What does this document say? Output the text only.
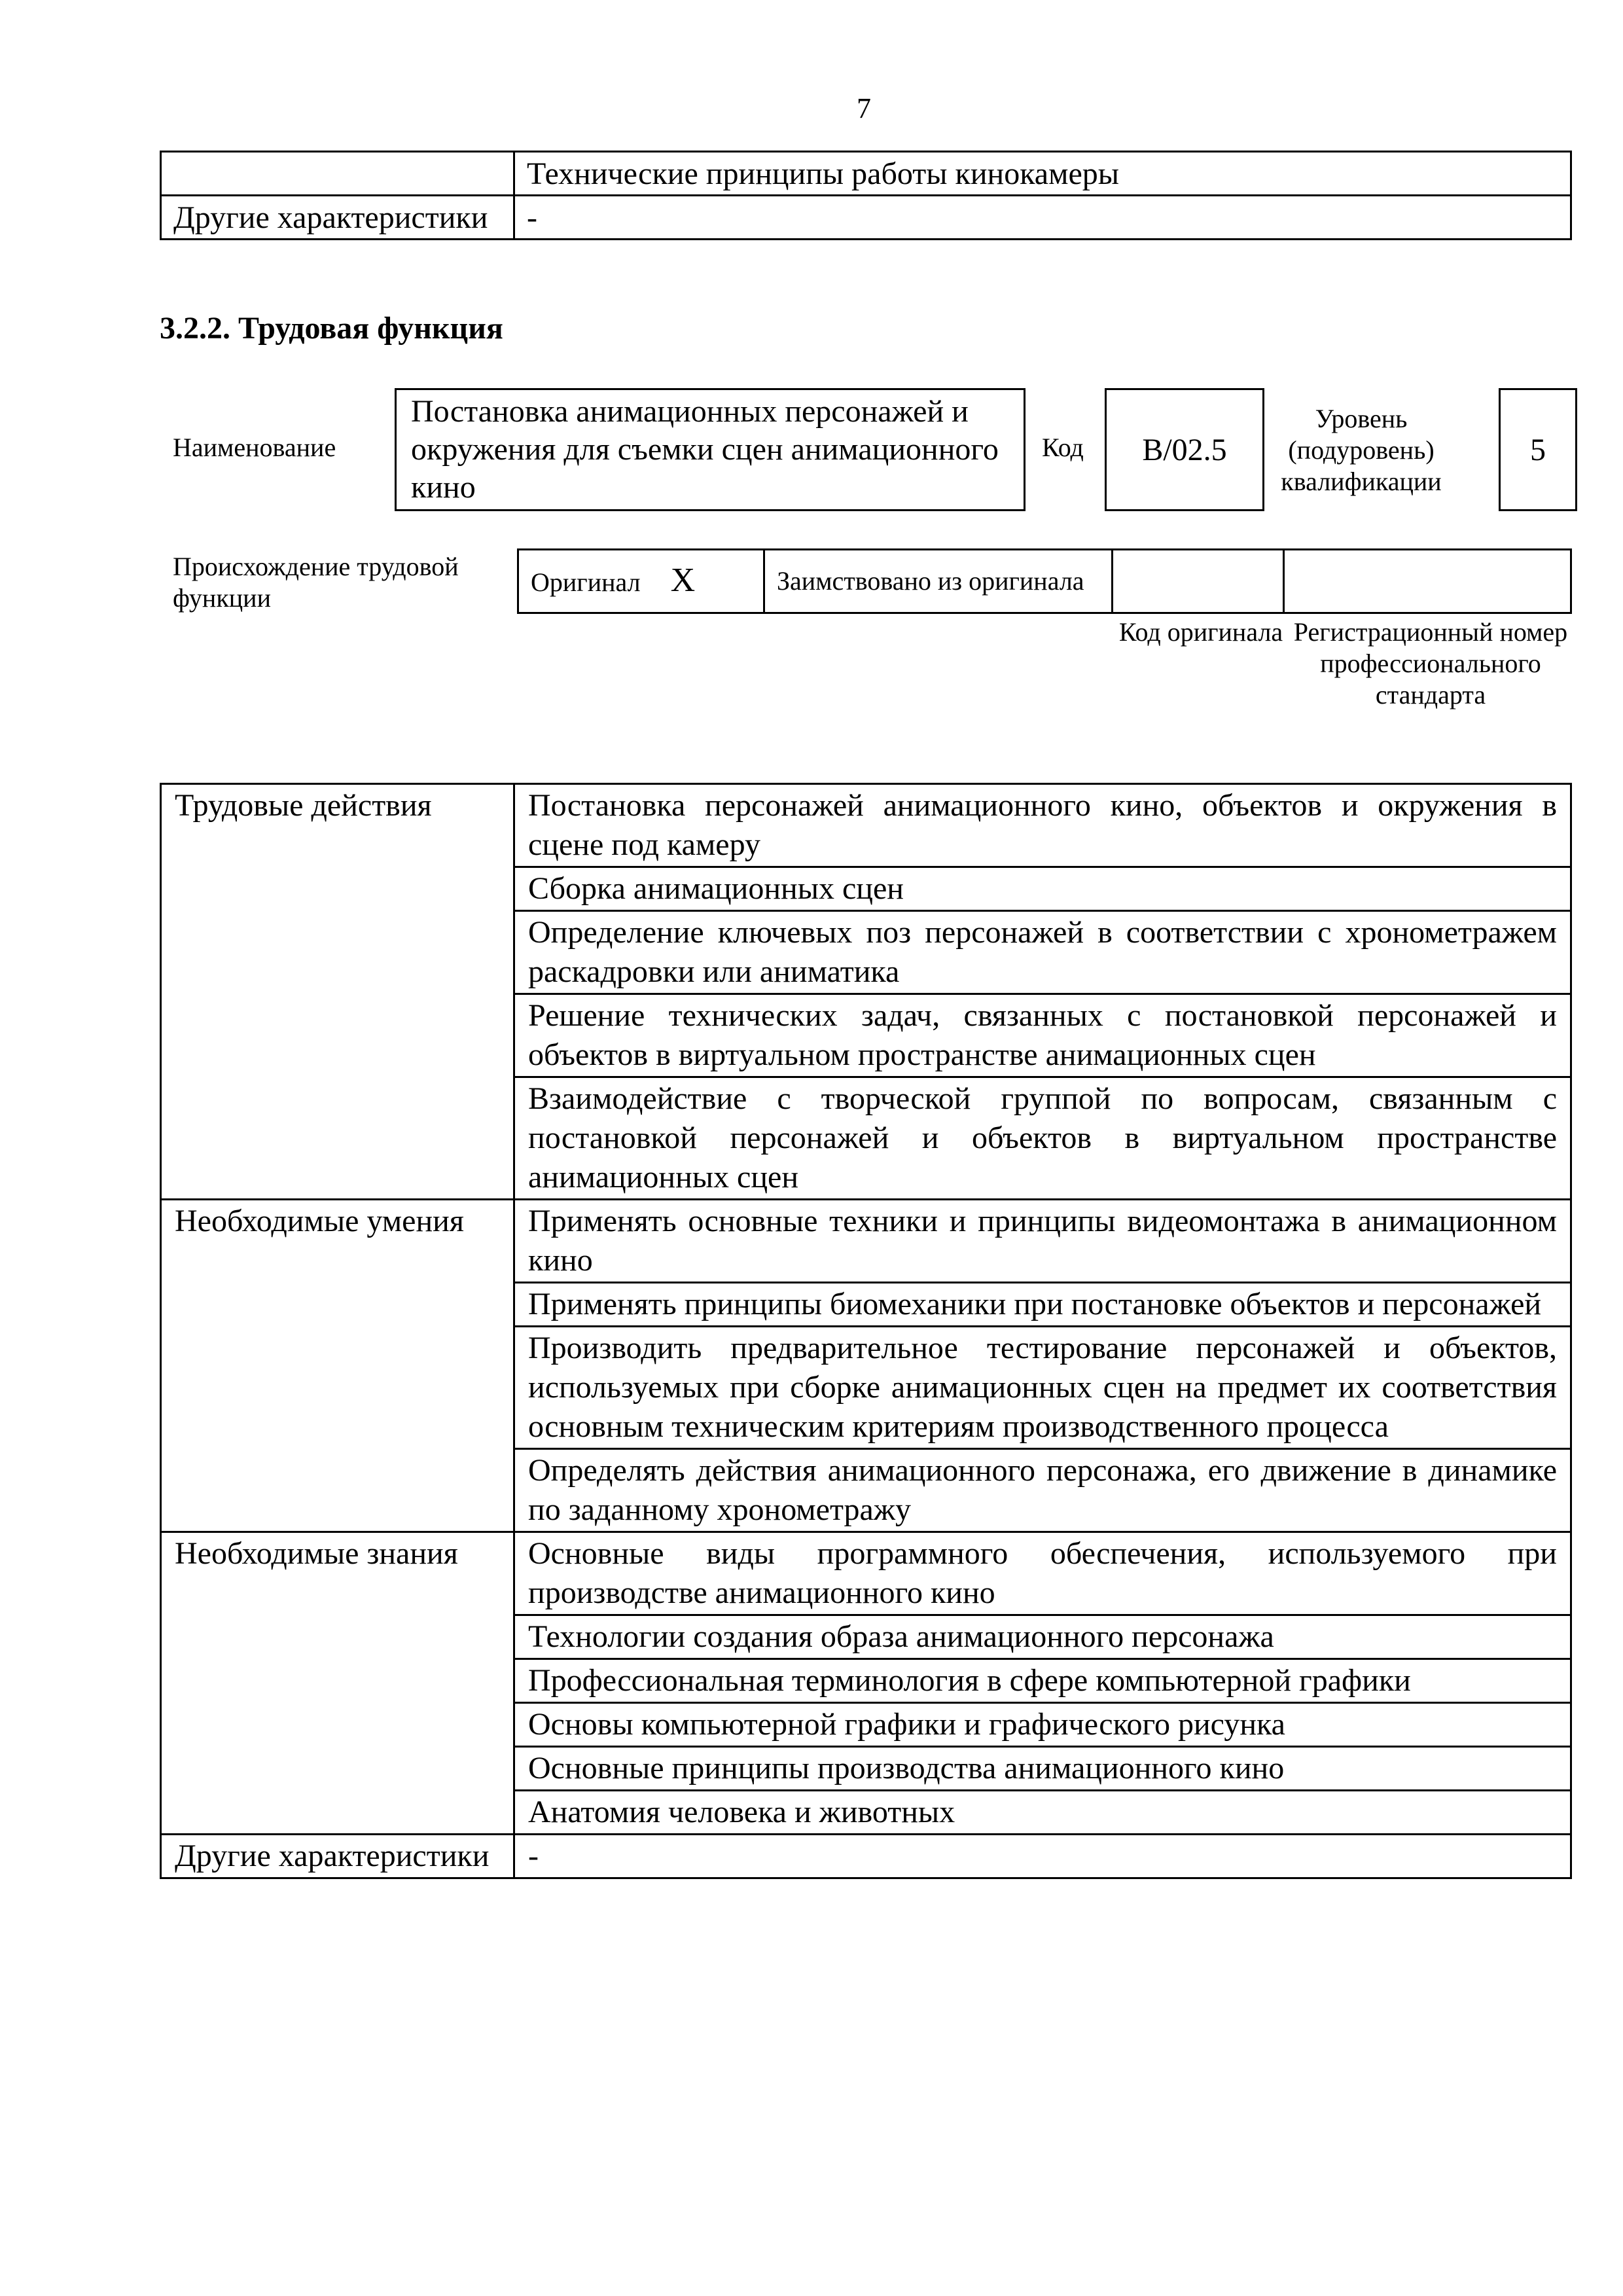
7
	Технические принципы работы кинокамеры
Другие характеристики	-
3.2.2. Трудовая функция
Наименование
Постановка анимационных персонажей и окружения для съемки сцен анимационного кино
Код	B/02.5
Уровень (подуровень) квалификации
5
Происхождение трудовой функции
Оригинал X	Заимствовано из оригинала		
Код оригинала Регистрационный номер профессионального стандарта
Трудовые действия	Постановка персонажей анимационного кино, объектов и окружения в сцене под камеру
	Сборка анимационных сцен
	Определение ключевых поз персонажей в соответствии с хронометражем раскадровки или аниматика
	Решение технических задач, связанных с постановкой персонажей и объектов в виртуальном пространстве анимационных сцен
	Взаимодействие с творческой группой по вопросам, связанным с постановкой персонажей и объектов в виртуальном пространстве анимационных сцен
Необходимые умения	Применять основные техники и принципы видеомонтажа в анимационном кино
	Применять принципы биомеханики при постановке объектов и персонажей
	Производить предварительное тестирование персонажей и объектов, используемых при сборке анимационных сцен на предмет их соответствия основным техническим критериям производственного процесса
	Определять действия анимационного персонажа, его движение в динамике по заданному хронометражу
Необходимые знания	Основные виды программного обеспечения, используемого при производстве анимационного кино
	Технологии создания образа анимационного персонажа
	Профессиональная терминология в сфере компьютерной графики
	Основы компьютерной графики и графического рисунка
	Основные принципы производства анимационного кино
	Анатомия человека и животных
Другие характеристики	-
